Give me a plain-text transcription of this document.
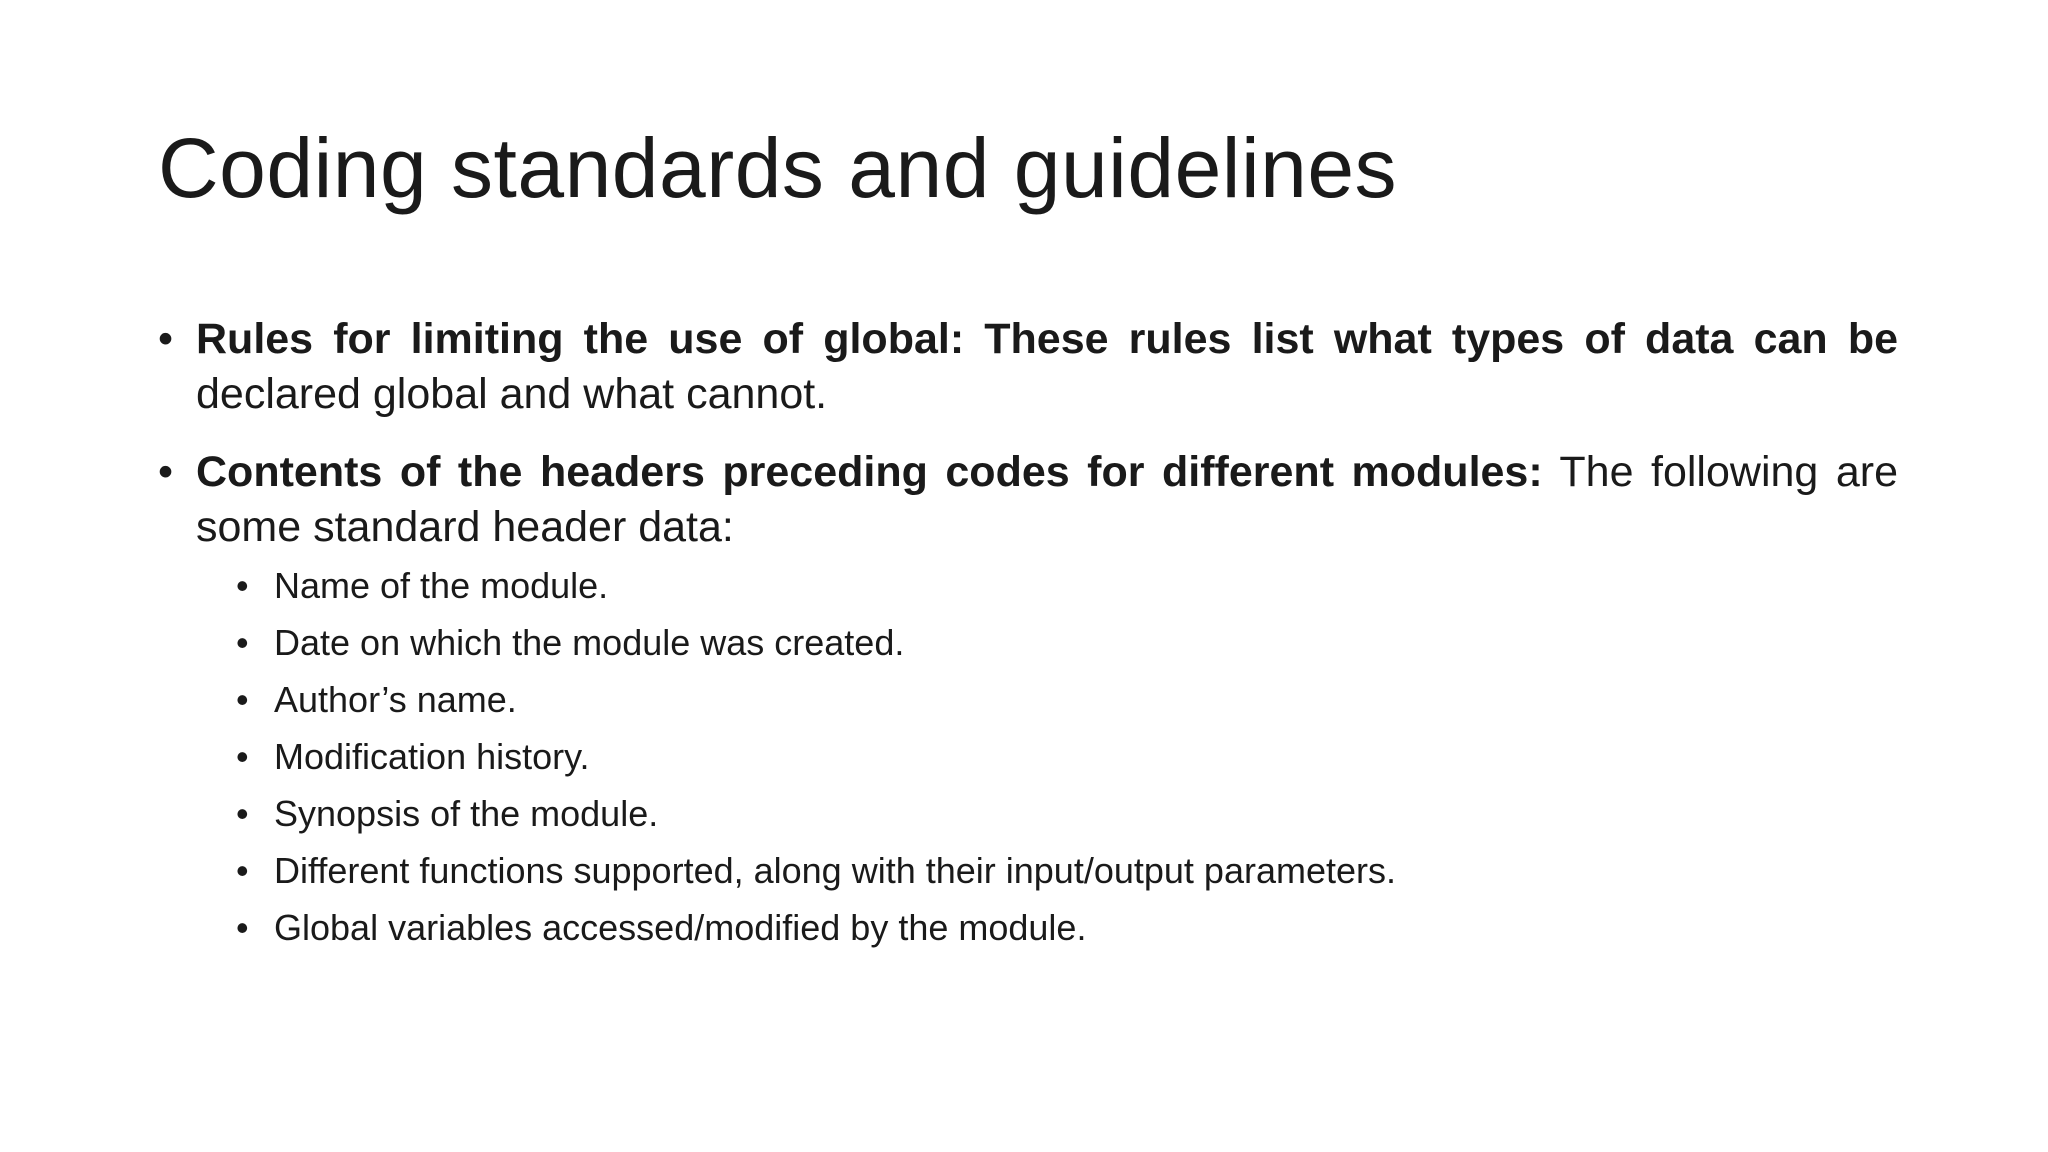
Coding standards and guidelines
• Rules for limiting the use of global: These rules list what types of data can be declared global and what cannot.
• Contents of the headers preceding codes for different modules: The following are some standard header data:
• Name of the module.
• Date on which the module was created.
• Author’s name.
• Modification history.
• Synopsis of the module.
• Different functions supported, along with their input/output parameters.
• Global variables accessed/modified by the module.
